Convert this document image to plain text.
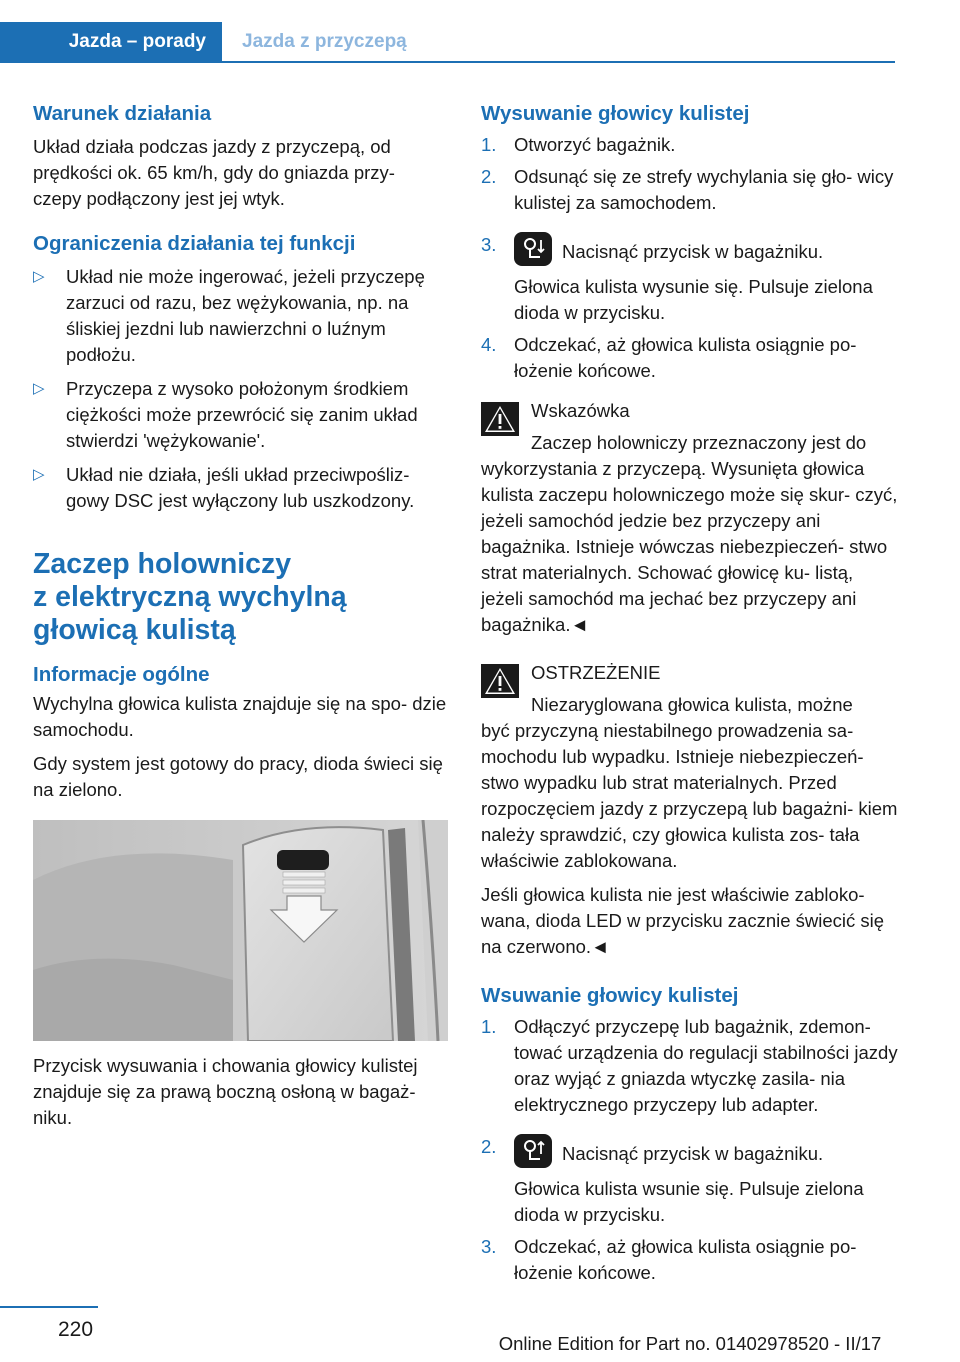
Jazda – porady	Jazda z przyczepą
Warunek działania

Układ działa podczas jazdy z przyczepą, od prędkości ok. 65 km/h, gdy do gniazda przy- czepy podłączony jest jej wtyk.

Ograniczenia działania tej funkcji
▷	Układ nie może ingerować, jeżeli przyczepę zarzuci od razu, bez wężykowania, np. na śliskiej jezdni lub nawierzchni o luźnym podłożu.
▷	Przyczepa z wysoko położonym środkiem ciężkości może przewrócić się zanim układ stwierdzi 'wężykowanie'.
▷	Układ nie działa, jeśli układ przeciwpośliz- gowy DSC jest wyłączony lub uszkodzony.
Zaczep holowniczy
z elektryczną wychylną
głowicą kulistą
Informacje ogólne

Wychylna głowica kulista znajduje się na spo- dzie samochodu.

Gdy system jest gotowy do pracy, dioda świeci się na zielono.

Przycisk wysuwania i chowania głowicy kulistej znajduje się za prawą boczną osłoną w bagaż- niku.

Wysuwanie głowicy kulistej
1. Otworzyć bagażnik.
2. Odsunąć się ze strefy wychylania się gło- wicy kulistej za samochodem.
3.	Nacisnąć przycisk w bagażniku.

Głowica kulista wysunie się. Pulsuje zielona dioda w przycisku.

4. Odczekać, aż głowica kulista osiągnie po- łożenie końcowe.
Wskazówka
Zaczep holowniczy przeznaczony jest do
wykorzystania z przyczepą. Wysunięta głowica kulista zaczepu holowniczego może się skur- czyć, jeżeli samochód jedzie bez przyczepy ani bagażnika. Istnieje wówczas niebezpieczeń- stwo strat materialnych. Schować głowicę ku- listą, jeżeli samochód ma jechać bez przyczepy ani bagażnika.◄
OSTRZEŻENIE
Niezaryglowana głowica kulista, możne
być przyczyną niestabilnego prowadzenia sa- mochodu lub wypadku. Istnieje niebezpieczeń- stwo wypadku lub strat materialnych. Przed rozpoczęciem jazdy z przyczepą lub bagażni- kiem należy sprawdzić, czy głowica kulista zos- tała właściwie zablokowana.

Jeśli głowica kulista nie jest właściwie zabloko- wana, dioda LED w przycisku zacznie świecić się na czerwono.◄

Wsuwanie głowicy kulistej
1. Odłączyć przyczepę lub bagażnik, zdemon- tować urządzenia do regulacji stabilności jazdy oraz wyjąć z gniazda wtyczkę zasila- nia elektrycznego przyczepy lub adapter.
2.	Nacisnąć przycisk w bagażniku.

Głowica kulista wsunie się. Pulsuje zielona dioda w przycisku.

3. Odczekać, aż głowica kulista osiągnie po- łożenie końcowe.
220
Online Edition for Part no. 01402978520 - II/17
